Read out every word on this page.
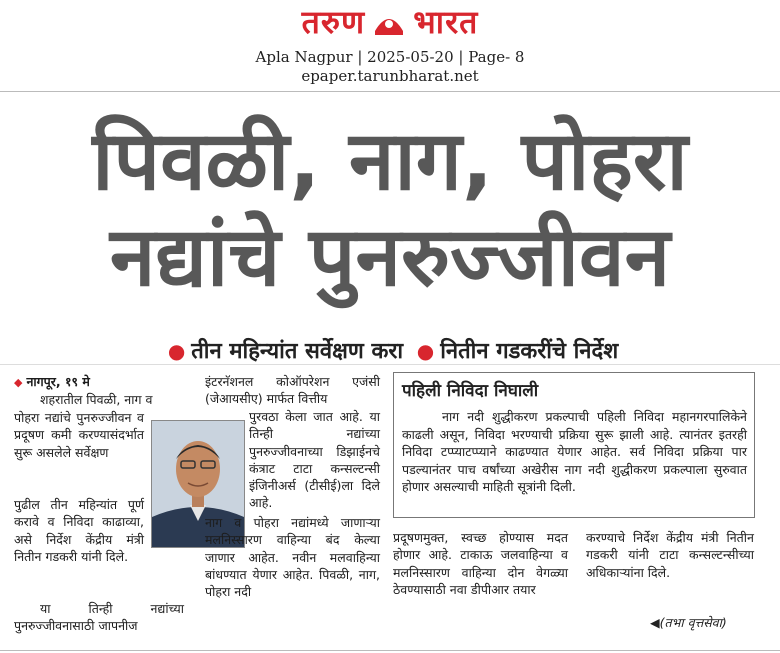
तरुण भारत
Apla Nagpur | 2025-05-20 | Page- 8
epaper.tarunbharat.net
पिवळी, नाग, पोहरा
नद्यांचे पुनरुज्जीवन
● तीन महिन्यांत सर्वेक्षण करा ● नितीन गडकरींचे निर्देश
◆ नागपूर, १९ मे
शहरातील पिवळी, नाग व
पोहरा नद्यांचे पुनरुज्जीवन व प्रदूषण कमी करण्यासंदर्भात सुरू असलेले सर्वेक्षण
पुढील तीन महिन्यांत पूर्ण करावे व निविदा काढाव्या, असे निर्देश केंद्रीय मंत्री नितीन गडकरी यांनी दिले.
या तिन्ही नद्यांच्या पुनरुज्जीवनासाठी जापनीज
इंटरनॅशनल कोऑपरेशन एजंसी (जेआयसीए) मार्फत वित्तीय
पुरवठा केला जात आहे. या तिन्ही नद्यांच्या पुनरुज्जीवनाच्या डिझाईनचे कंत्राट टाटा कन्सल्टन्सी इंजिनीअर्स (टीसीई)ला दिले आहे.
नाग व पोहरा नद्यांमध्ये जाणाऱ्या मलनिस्सारण वाहिन्या बंद केल्या जाणार आहेत. नवीन मलवाहिन्या बांधण्यात येणार आहेत. पिवळी, नाग, पोहरा नदी
पहिली निविदा निघाली
नाग नदी शुद्धीकरण प्रकल्पाची पहिली निविदा महानगरपालिकेने काढली असून, निविदा भरण्याची प्रक्रिया सुरू झाली आहे. त्यानंतर इतरही निविदा टप्प्याटप्प्याने काढण्यात येणार आहेत. सर्व निविदा प्रक्रिया पार पडल्यानंतर पाच वर्षांच्या अखेरीस नाग नदी शुद्धीकरण प्रकल्पाला सुरुवात होणार असल्याची माहिती सूत्रांनी दिली.
प्रदूषणमुक्त, स्वच्छ होण्यास मदत होणार आहे. टाकाऊ जलवाहिन्या व मलनिस्सारण वाहिन्या दोन वेगळ्या ठेवण्यासाठी नवा डीपीआर तयार
करण्याचे निर्देश केंद्रीय मंत्री नितीन गडकरी यांनी टाटा कन्सल्टन्सीच्या अधिकाऱ्यांना दिले.
◀(तभा वृत्तसेवा)
